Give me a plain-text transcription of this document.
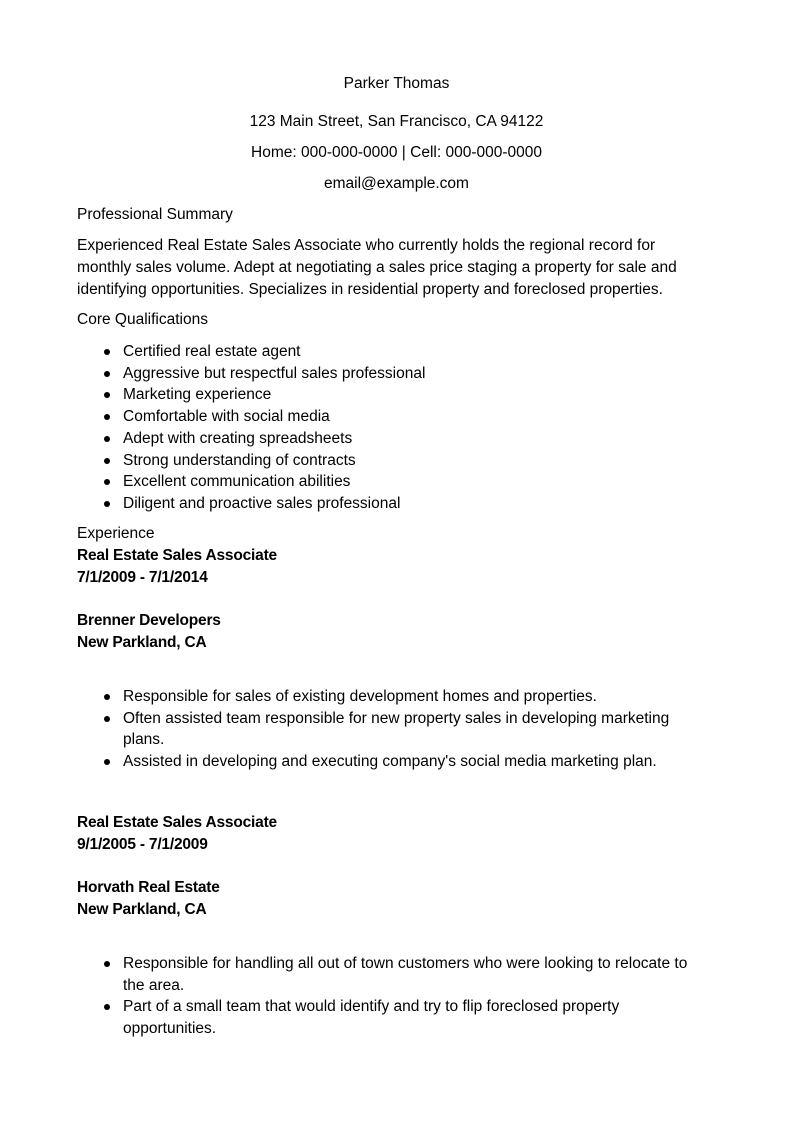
Parker Thomas
123 Main Street, San Francisco, CA 94122
Home: 000-000-0000 | Cell: 000-000-0000
email@example.com
Professional Summary

Experienced Real Estate Sales Associate who currently holds the regional record for

monthly sales volume. Adept at negotiating a sales price staging a property for sale and

identifying opportunities. Specializes in residential property and foreclosed properties.

Core Qualifications
Certified real estate agent
Aggressive but respectful sales professional
Marketing experience
Comfortable with social media
Adept with creating spreadsheets
Strong understanding of contracts
Excellent communication abilities
Diligent and proactive sales professional
Experience
Real Estate Sales Associate
7/1/2009 - 7/1/2014
Brenner Developers
New Parkland, CA
Responsible for sales of existing development homes and properties.
Often assisted team responsible for new property sales in developing marketing
plans.
Assisted in developing and executing company's social media marketing plan.
Real Estate Sales Associate
9/1/2005 - 7/1/2009
Horvath Real Estate
New Parkland, CA
Responsible for handling all out of town customers who were looking to relocate to
the area.
Part of a small team that would identify and try to flip foreclosed property
opportunities.
